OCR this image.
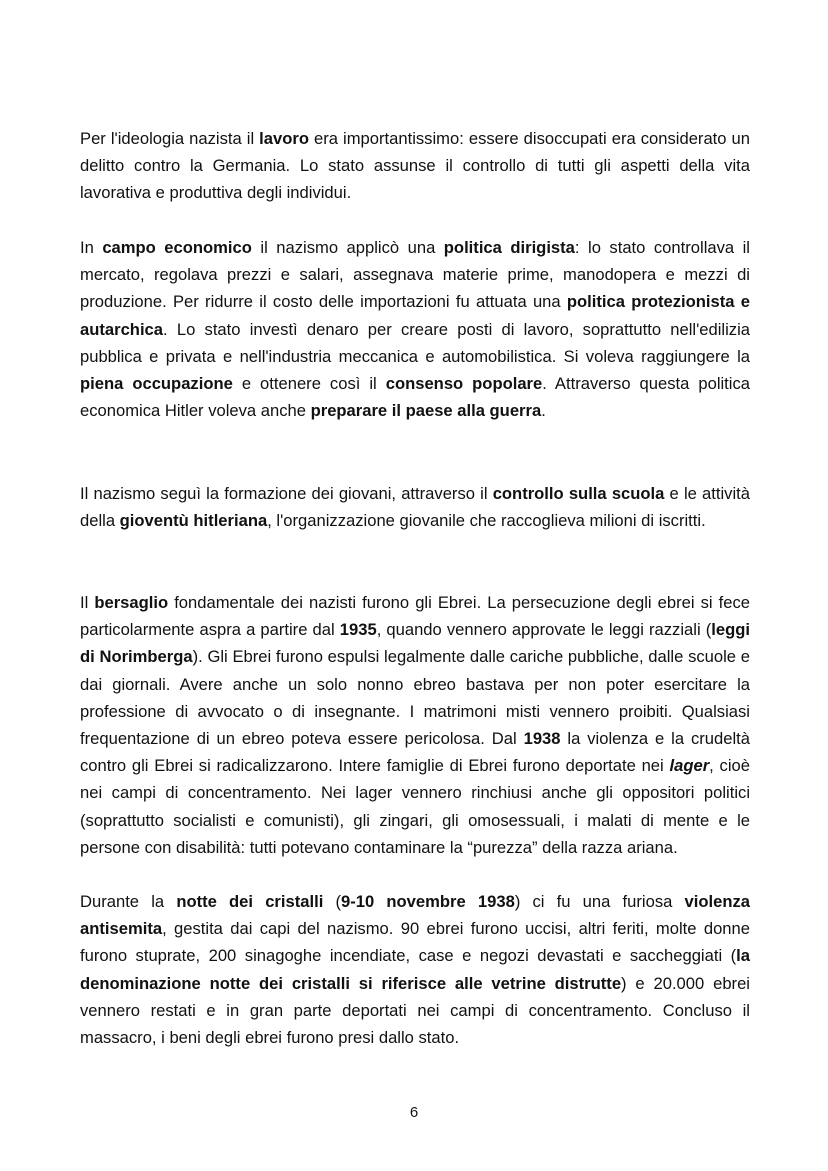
Per l'ideologia nazista il lavoro era importantissimo: essere disoccupati era considerato un delitto contro la Germania. Lo stato assunse il controllo di tutti gli aspetti della vita lavorativa e produttiva degli individui.

In campo economico il nazismo applicò una politica dirigista: lo stato controllava il mercato, regolava prezzi e salari, assegnava materie prime, manodopera e mezzi di produzione. Per ridurre il costo delle importazioni fu attuata una politica protezionista e autarchica. Lo stato investì denaro per creare posti di lavoro, soprattutto nell'edilizia pubblica e privata e nell'industria meccanica e automobilistica. Si voleva raggiungere la piena occupazione e ottenere così il consenso popolare. Attraverso questa politica economica Hitler voleva anche preparare il paese alla guerra.

Il nazismo seguì la formazione dei giovani, attraverso il controllo sulla scuola e le attività della gioventù hitleriana, l'organizzazione giovanile che raccoglieva milioni di iscritti.

Il bersaglio fondamentale dei nazisti furono gli Ebrei. La persecuzione degli ebrei si fece particolarmente aspra a partire dal 1935, quando vennero approvate le leggi razziali (leggi di Norimberga). Gli Ebrei furono espulsi legalmente dalle cariche pubbliche, dalle scuole e dai giornali. Avere anche un solo nonno ebreo bastava per non poter esercitare la professione di avvocato o di insegnante. I matrimoni misti vennero proibiti. Qualsiasi frequentazione di un ebreo poteva essere pericolosa. Dal 1938 la violenza e la crudeltà contro gli Ebrei si radicalizzarono. Intere famiglie di Ebrei furono deportate nei lager, cioè nei campi di concentramento. Nei lager vennero rinchiusi anche gli oppositori politici (soprattutto socialisti e comunisti), gli zingari, gli omosessuali, i malati di mente e le persone con disabilità: tutti potevano contaminare la “purezza” della razza ariana.

Durante la notte dei cristalli (9-10 novembre 1938) ci fu una furiosa violenza antisemita, gestita dai capi del nazismo. 90 ebrei furono uccisi, altri feriti, molte donne furono stuprate, 200 sinagoghe incendiate, case e negozi devastati e saccheggiati (la denominazione notte dei cristalli si riferisce alle vetrine distrutte) e 20.000 ebrei vennero restati e in gran parte deportati nei campi di concentramento. Concluso il massacro, i beni degli ebrei furono presi dallo stato.

6
